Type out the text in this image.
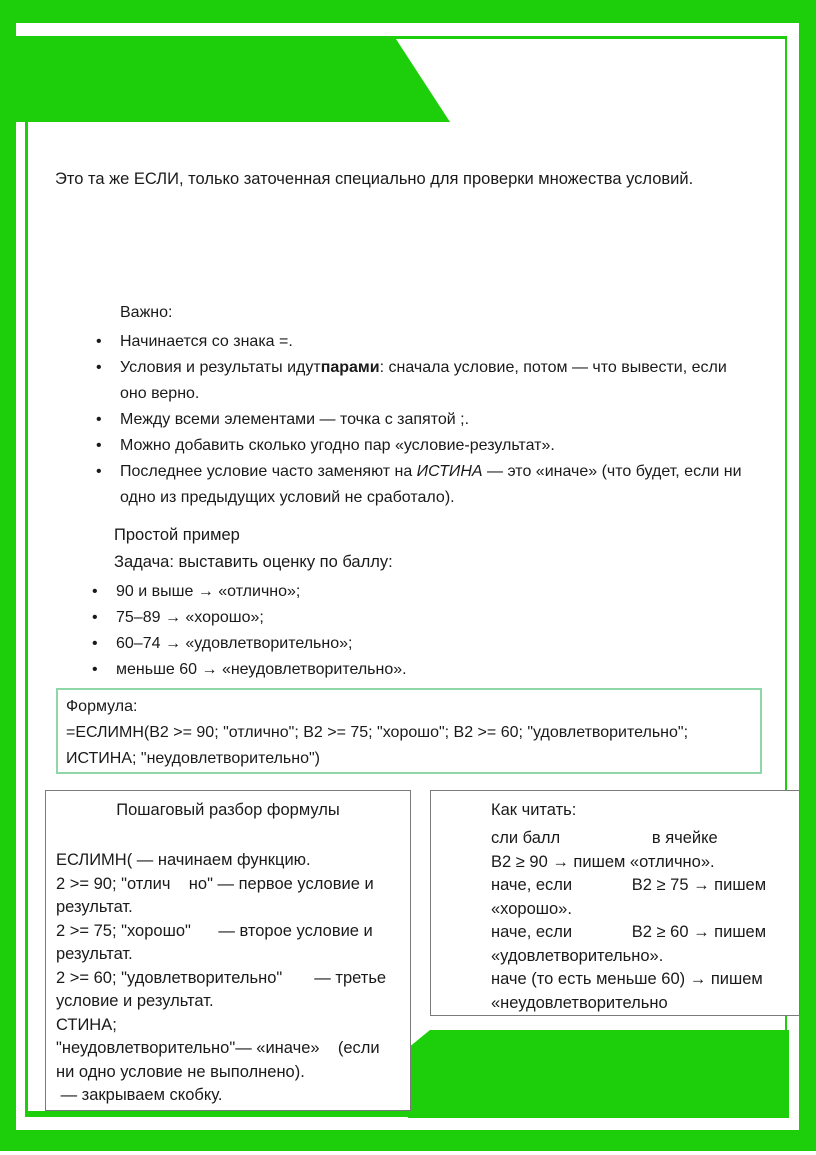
Это та же ЕСЛИ, только заточенная специально для проверки множества условий.
Важно:
• Начинается со знака =.
• Условия и результаты идутпарами: сначала условие, потом — что вывести, если оно верно.
• Между всеми элементами — точка с запятой ;.
• Можно добавить сколько угодно пар «условие-результат».
• Последнее условие часто заменяют на ИСТИНА — это «иначе» (что будет, если ни одно из предыдущих условий не сработало).
Простой пример
Задача: выставить оценку по баллу:
• 90 и выше → «отлично»;
• 75–89 → «хорошо»;
• 60–74 → «удовлетворительно»;
• меньше 60 → «неудовлетворительно».
Формула:
=ЕСЛИМН(B2 >= 90; "отлично"; B2 >= 75; "хорошо"; B2 >= 60; "удовлетворительно";
ИСТИНА; "неудовлетворительно")
Пошаговый разбор формулы
ЕСЛИМН( — начинаем функцию.
2 >= 90; "отлич    но" — первое условие и
результат.
2 >= 75; "хорошо"      — второе условие и
результат.
2 >= 60; "удовлетворительно"       — третье
условие и результат.
СТИНА;
"неудовлетворительно"— «иначе»    (если
ни одно условие не выполнено).
— закрываем скобку.
Как читать:
сли балл                    в ячейке
B2 ≥ 90 → пишем «отлично».
наче, если             B2 ≥ 75 → пишем
«хорошо».
наче, если             B2 ≥ 60 → пишем
«удовлетворительно».
наче (то есть меньше 60) → пишем
«неудовлетворительно
